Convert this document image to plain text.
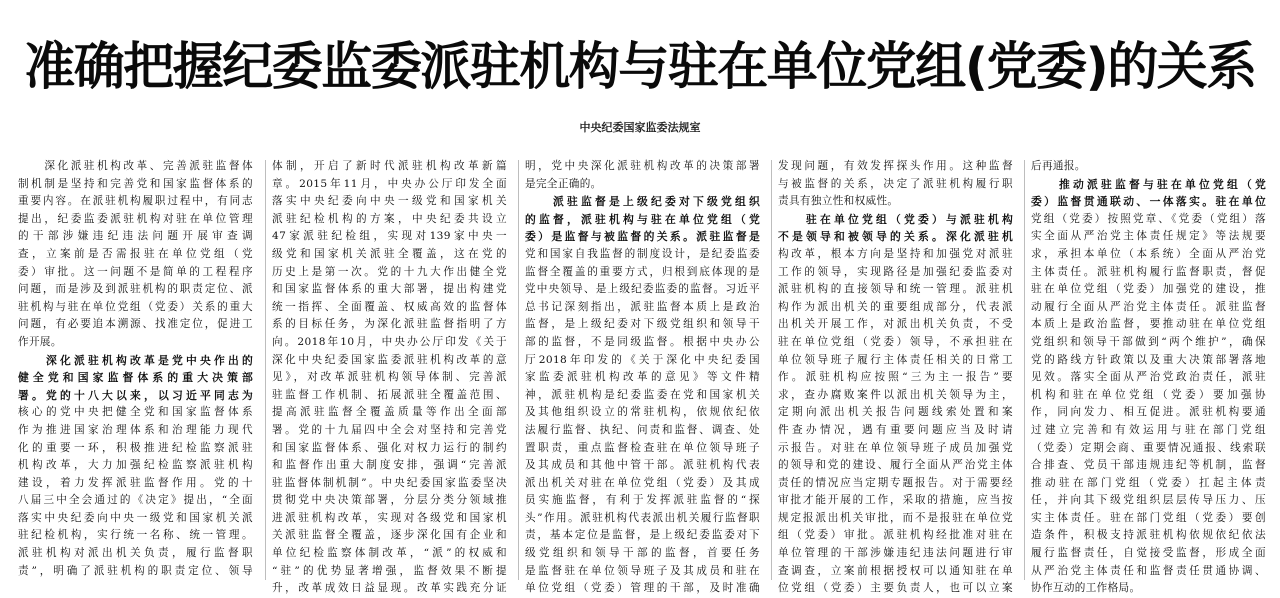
准确把握纪委监委派驻机构与驻在单位党组(党委)的关系
中央纪委国家监委法规室
　　深化派驻机构改革、完善派驻监督体
制机制是坚持和完善党和国家监督体系的
重要内容。在派驻机构履职过程中，有同志
提出，纪委监委派驻机构对驻在单位管理
的干部涉嫌违纪违法问题开展审查调
查，立案前是否需报驻在单位党组（党
委）审批。这一问题不是简单的工程程序
问题，而是涉及到派驻机构的职责定位、派
驻机构与驻在单位党组（党委）关系的重大
问题，有必要追本溯源、找准定位，促进工
作开展。
　　深化派驻机构改革是党中央作出的
健全党和国家监督体系的重大决策部
署。党的十八大以来，以习近平同志为
核心的党中央把健全党和国家监督体系
作为推进国家治理体系和治理能力现代
化的重要一环，积极推进纪检监察派驻
机构改革，大力加强纪检监察派驻机构
建设，着力发挥派驻监督作用。党的十
八届三中全会通过的《决定》提出，“全面
落实中央纪委向中央一级党和国家机关派
驻纪检机构，实行统一名称、统一管理。
派驻机构对派出机关负责，履行监督职
责”，明确了派驻机构的职责定位、领导
体制，开启了新时代派驻机构改革新篇
章。2015年11月，中央办公厅印发全面
落实中央纪委向中央一级党和国家机关
派驻纪检机构的方案，中央纪委共设立
47家派驻纪检组，实现对139家中央一
级党和国家机关派驻全覆盖，这在党的
历史上是第一次。党的十九大作出健全党
和国家监督体系的重大部署，提出构建党
统一指挥、全面覆盖、权威高效的监督体
系的目标任务，为深化派驻监督指明了方
向。2018年10月，中央办公厅印发《关于
深化中央纪委国家监委派驻机构改革的意
见》，对改革派驻机构领导体制、完善派
驻监督工作机制、拓展派驻全覆盖范围、
提高派驻监督全覆盖质量等作出全面部
署。党的十九届四中全会对坚持和完善党
和国家监督体系、强化对权力运行的制约
和监督作出重大制度安排，强调“完善派
驻监督体制机制”。中央纪委国家监委坚决
贯彻党中央决策部署，分层分类分领域推
进派驻机构改革，实现对各级党和国家机
关派驻监督全覆盖，逐步深化国有企业和
单位纪检监察体制改革，“派”的权威和
“驻”的优势显著增强，监督效果不断提
升，改革成效日益显现。改革实践充分证
明，党中央深化派驻机构改革的决策部署
是完全正确的。
　　派驻监督是上级纪委对下级党组织
的监督，派驻机构与驻在单位党组（党
委）是监督与被监督的关系。派驻监督是
党和国家自我监督的制度设计，是纪委监委
监督全覆盖的重要方式，归根到底体现的是
党中央领导、是上级纪委监委的监督。习近平
总书记深刻指出，派驻监督本质上是政治
监督，是上级纪委对下级党组织和领导干
部的监督，不是同级监督。根据中央办公
厅2018年印发的《关于深化中央纪委国
家监委派驻机构改革的意见》等文件精
神，派驻机构是纪委监委在党和国家机关
及其他组织设立的常驻机构，依规依纪依
法履行监督、执纪、问责和监督、调查、处
置职责，重点监督检查驻在单位领导班子
及其成员和其他中管干部。派驻机构代表
派出机关对驻在单位党组（党委）及其成
员实施监督，有利于发挥派驻监督的“探
头”作用。派驻机构代表派出机关履行监督职
责，基本定位是监督，是上级纪委监委对下
级党组织和领导干部的监督，首要任务
是监督驻在单位领导班子及其成员和驻在
单位党组（党委）管理的干部，及时准确
发现问题，有效发挥探头作用。这种监督
与被监督的关系，决定了派驻机构履行职
责具有独立性和权威性。
　　驻在单位党组（党委）与派驻机构
不是领导和被领导的关系。深化派驻机
构改革，根本方向是坚持和加强党对派驻
工作的领导，实现路径是加强纪委监委对
派驻机构的直接领导和统一管理。派驻机
构作为派出机关的重要组成部分，代表派
出机关开展工作，对派出机关负责，不受
驻在单位党组（党委）领导，不承担驻在
单位领导班子履行主体责任相关的日常工
作。派驻机构应按照“三为主一报告”要
求，查办腐败案件以派出机关领导为主，
定期向派出机关报告问题线索处置和案
件查办情况，遇有重要问题应当及时请
示报告。对驻在单位领导班子成员加强党
的领导和党的建设、履行全面从严治党主体
责任的情况应当定期专题报告。对于需要经
审批才能开展的工作，采取的措施，应当按
规定报派出机关审批，而不是报驻在单位党
组（党委）审批。派驻机构经批准对驻在
单位管理的干部涉嫌违纪违法问题进行审
查调查，立案前根据授权可以通知驻在单
位党组（党委）主要负责人，也可以立案
后再通报。
　　推动派驻监督与驻在单位党组（党
委）监督贯通联动、一体落实。驻在单位
党组（党委）按照党章、《党委（党组）落
实全面从严治党主体责任规定》等法规要
求，承担本单位（本系统）全面从严治党
主体责任。派驻机构履行监督职责，督促
驻在单位党组（党委）加强党的建设，推
动履行全面从严治党主体责任。派驻监督
本质上是政治监督，要推动驻在单位党组
党组织和领导干部做到“两个维护”，确保
党的路线方针政策以及重大决策部署落地
见效。落实全面从严治党政治责任，派驻
机构和驻在单位党组（党委）要加强协
作，同向发力、相互促进。派驻机构要通
过建立完善和有效运用与驻在部门党组
（党委）定期会商、重要情况通报、线索联
合排查、党员干部违规违纪等机制，监督
推动驻在部门党组（党委）扛起主体责
任，并向其下级党组织层层传导压力、压
实主体责任。驻在部门党组（党委）要创
造条件，积极支持派驻机构依规依纪依法
履行监督责任，自觉接受监督，形成全面
从严治党主体责任和监督责任贯通协调、
协作互动的工作格局。
